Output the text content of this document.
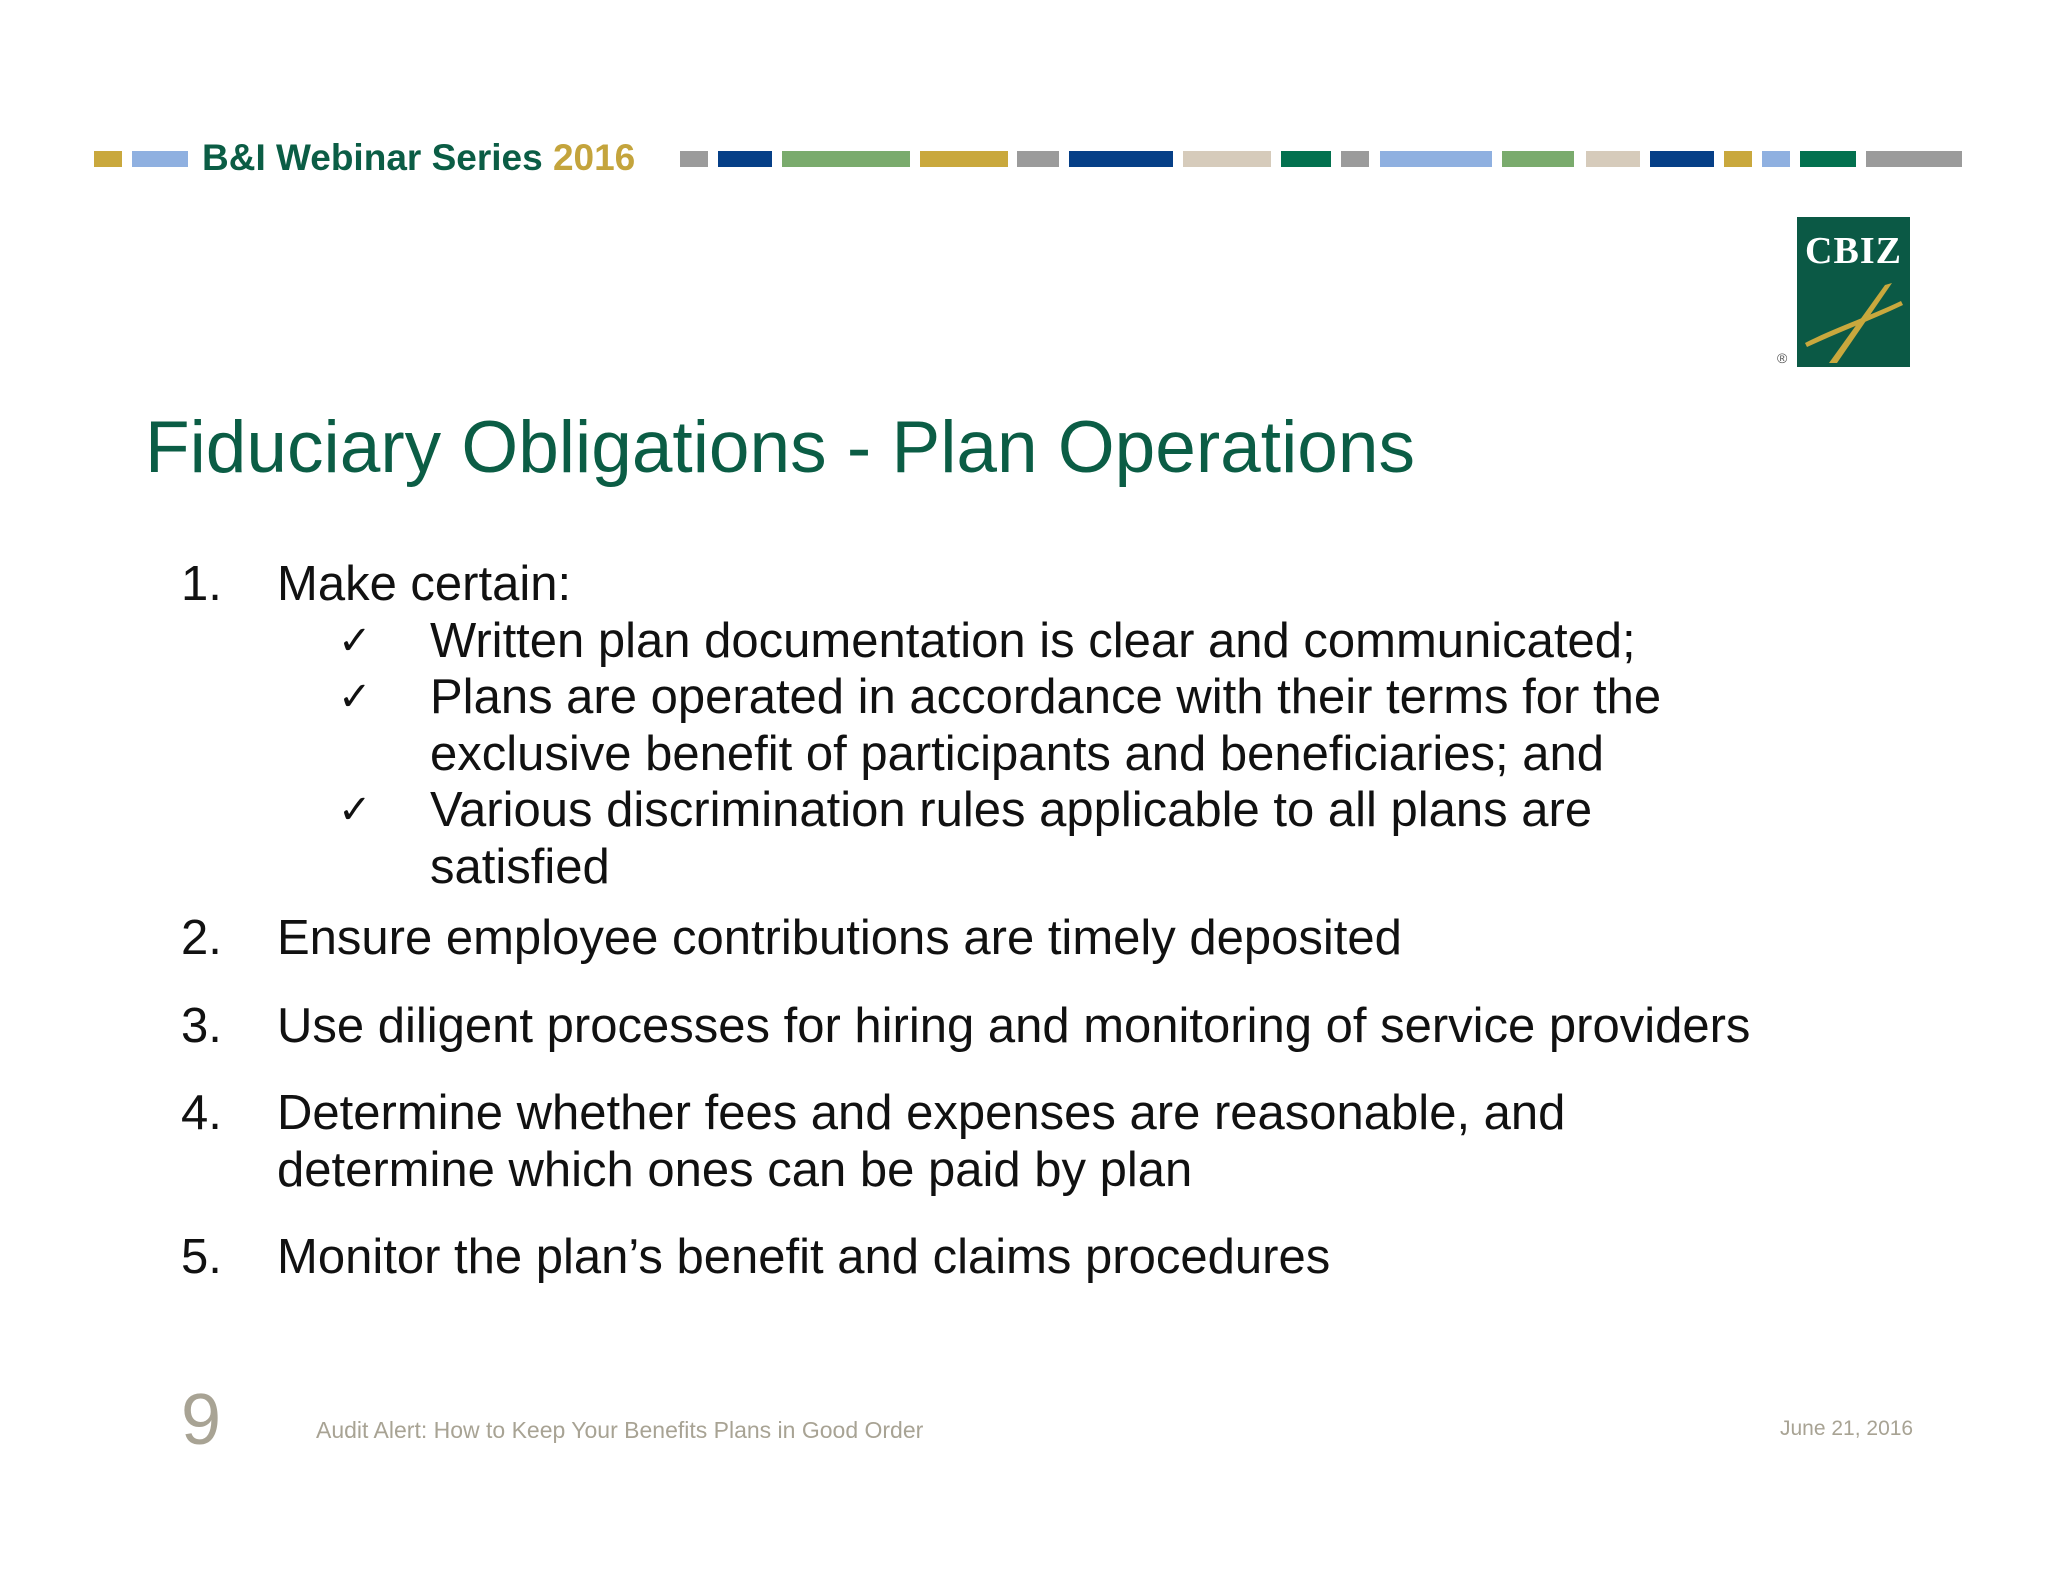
B&I Webinar Series 2016
CBIZ
®
Fiduciary Obligations - Plan Operations
1. Make certain:
✓ Written plan documentation is clear and communicated;
✓ Plans are operated in accordance with their terms for the
exclusive benefit of participants and beneficiaries; and
✓ Various discrimination rules applicable to all plans are
satisfied
2. Ensure employee contributions are timely deposited
3. Use diligent processes for hiring and monitoring of service providers
4. Determine whether fees and expenses are reasonable, and
determine which ones can be paid by plan
5. Monitor the plan’s benefit and claims procedures
9	Audit Alert: How to Keep Your Benefits Plans in Good Order	June 21, 2016
